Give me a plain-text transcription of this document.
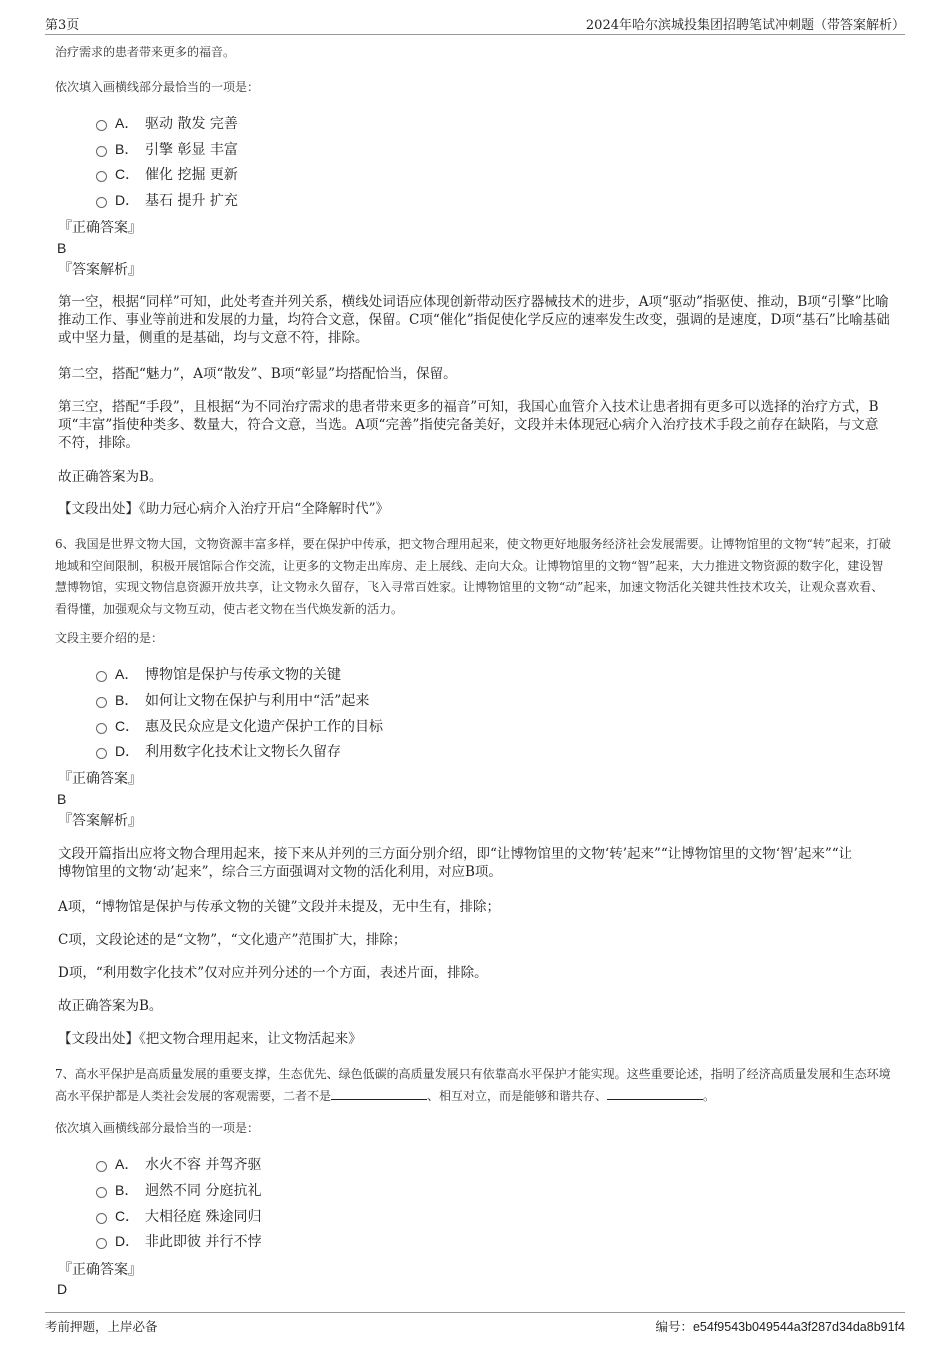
第3页	2024年哈尔滨城投集团招聘笔试冲刺题（带答案解析）
治疗需求的患者带来更多的福音。
依次填入画横线部分最恰当的一项是：
A． 驱动 散发 完善
B． 引擎 彰显 丰富
C． 催化 挖掘 更新
D． 基石 提升 扩充
『正确答案』
B
『答案解析』
第一空，根据“同样”可知，此处考查并列关系，横线处词语应体现创新带动医疗器械技术的进步，A项“驱动”指驱使、推动，B项“引擎”比喻推动工作、事业等前进和发展的力量，均符合文意，保留。C项“催化”指促使化学反应的速率发生改变，强调的是速度，D项“基石”比喻基础或中坚力量，侧重的是基础，均与文意不符，排除。
第二空，搭配“魅力”，A项“散发”、B项“彰显”均搭配恰当，保留。
第三空，搭配“手段”，且根据“为不同治疗需求的患者带来更多的福音”可知，我国心血管介入技术让患者拥有更多可以选择的治疗方式，B项“丰富”指使种类多、数量大，符合文意，当选。A项“完善”指使完备美好，文段并未体现冠心病介入治疗技术手段之前存在缺陷，与文意不符，排除。
故正确答案为B。
【文段出处】《助力冠心病介入治疗开启“全降解时代”》
6、我国是世界文物大国，文物资源丰富多样，要在保护中传承，把文物合理用起来，使文物更好地服务经济社会发展需要。让博物馆里的文物“转”起来，打破地域和空间限制，积极开展馆际合作交流，让更多的文物走出库房、走上展线、走向大众。让博物馆里的文物“智”起来，大力推进文物资源的数字化，建设智慧博物馆，实现文物信息资源开放共享，让文物永久留存，飞入寻常百姓家。让博物馆里的文物“动”起来，加速文物活化关键共性技术攻关，让观众喜欢看、看得懂，加强观众与文物互动，使古老文物在当代焕发新的活力。
文段主要介绍的是：
A． 博物馆是保护与传承文物的关键
B． 如何让文物在保护与利用中“活”起来
C． 惠及民众应是文化遗产保护工作的目标
D． 利用数字化技术让文物长久留存
『正确答案』
B
『答案解析』
文段开篇指出应将文物合理用起来，接下来从并列的三方面分别介绍，即“让博物馆里的文物‘转’起来”“让博物馆里的文物‘智’起来”“让博物馆里的文物‘动’起来”，综合三方面强调对文物的活化利用，对应B项。
A项，“博物馆是保护与传承文物的关键”文段并未提及，无中生有，排除；
C项，文段论述的是“文物”，“文化遗产”范围扩大，排除；
D项，“利用数字化技术”仅对应并列分述的一个方面，表述片面，排除。
故正确答案为B。
【文段出处】《把文物合理用起来，让文物活起来》
7、高水平保护是高质量发展的重要支撑，生态优先、绿色低碳的高质量发展只有依靠高水平保护才能实现。这些重要论述，指明了经济高质量发展和生态环境高水平保护都是人类社会发展的客观需要，二者不是	、相互对立，而是能够和谐共存、	。
依次填入画横线部分最恰当的一项是：
A． 水火不容 并驾齐驱
B． 迥然不同 分庭抗礼
C． 大相径庭 殊途同归
D． 非此即彼 并行不悖
『正确答案』
D
考前押题，上岸必备	编号：e54f9543b049544a3f287d34da8b91f4
